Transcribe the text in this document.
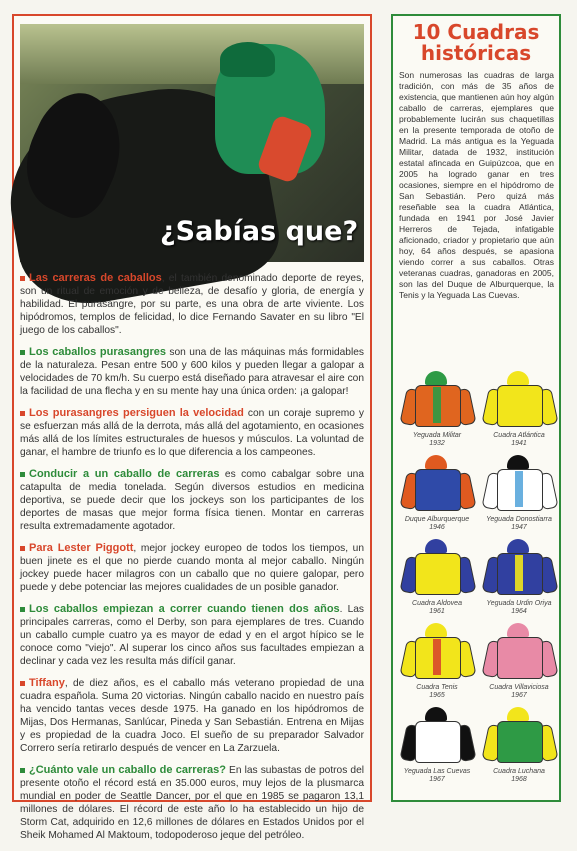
¿Sabías que?

Las carreras de caballos, el también denominado deporte de reyes, son un ritual de emoción y de belleza, de desafío y gloria, de energía y habilidad. El purasangre, por su parte, es una obra de arte viviente. Los hipódromos, templos de felicidad, lo dice Fernando Savater en su libro "El juego de los caballos".

Los caballos purasangres son una de las máquinas más formidables de la naturaleza. Pesan entre 500 y 600 kilos y pueden llegar a galopar a velocidades de 70 km/h. Su cuerpo está diseñado para atravesar el aire con la facilidad de una flecha y en su mente hay una única orden: ¡a galopar!

Los purasangres persiguen la velocidad con un coraje supremo y se esfuerzan más allá de la derrota, más allá del agotamiento, en ocasiones más allá de los límites estructurales de huesos y músculos. La voluntad de ganar, el hambre de triunfo es lo que diferencia a los campeones.

Conducir a un caballo de carreras es como cabalgar sobre una catapulta de media tonelada. Según diversos estudios en medicina deportiva, se puede decir que los jockeys son los participantes de los deportes de masas que mejor forma física tienen. Montar en carreras resulta extremadamente agotador.

Para Lester Piggott, mejor jockey europeo de todos los tiempos, un buen jinete es el que no pierde cuando monta al mejor caballo. Ningún jockey puede hacer milagros con un caballo que no quiere galopar, pero puede y debe potenciar las mejores cualidades de un posible ganador.

Los caballos empiezan a correr cuando tienen dos años. Las principales carreras, como el Derby, son para ejemplares de tres. Cuando un caballo cumple cuatro ya es mayor de edad y en el argot hípico se le conoce como "viejo". Al superar los cinco años sus facultades empiezan a declinar y cada vez les resulta más difícil ganar.

Tiffany, de diez años, es el caballo más veterano propiedad de una cuadra española. Suma 20 victorias. Ningún caballo nacido en nuestro país ha vencido tantas veces desde 1975. Ha ganado en los hipódromos de Mijas, Dos Hermanas, Sanlúcar, Pineda y San Sebastián. Entrena en Mijas y es propiedad de la cuadra Joco. El sueño de su preparador Salvador Correro sería retirarlo después de vencer en La Zarzuela.

¿Cuánto vale un caballo de carreras? En las subastas de potros del presente otoño el récord está en 35.000 euros, muy lejos de la plusmarca mundial en poder de Seattle Dancer, por el que en 1985 se pagaron 13,1 millones de dólares. El récord de este año lo ha establecido un hijo de Storm Cat, adquirido en 12,6 millones de dólares en Estados Unidos por el Sheik Mohamed Al Maktoum, todopoderoso jeque del petróleo.

10 Cuadras históricas
Son numerosas las cuadras de larga tradición, con más de 35 años de existencia, que mantienen aún hoy algún caballo de carreras, ejemplares que probablemente lucirán sus chaquetillas en la presente temporada de otoño de Madrid. La más antigua es la Yeguada Militar, datada de 1932, institución estatal afincada en Guipúzcoa, que en 2005 ha logrado ganar en tres ocasiones, siempre en el hipódromo de San Sebastián. Pero quizá más reseñable sea la cuadra Atlántica, fundada en 1941 por José Javier Herreros de Tejada, infatigable aficionado, criador y propietario que aún hoy, 64 años después, se apasiona viendo correr a sus caballos. Otras veteranas cuadras, ganadoras en 2005, son las del Duque de Alburquerque, la Tenis y la Yeguada Las Cuevas.
Yeguada Militar
1932
Cuadra Atlántica
1941
Duque Alburquerque
1946
Yeguada Donostiarra
1947
Cuadra Aldovea
1961
Yeguada Urdin Oriya
1964
Cuadra Tenis
1965
Cuadra Villaviciosa
1967
Yeguada Las Cuevas
1967
Cuadra Luchana
1968
